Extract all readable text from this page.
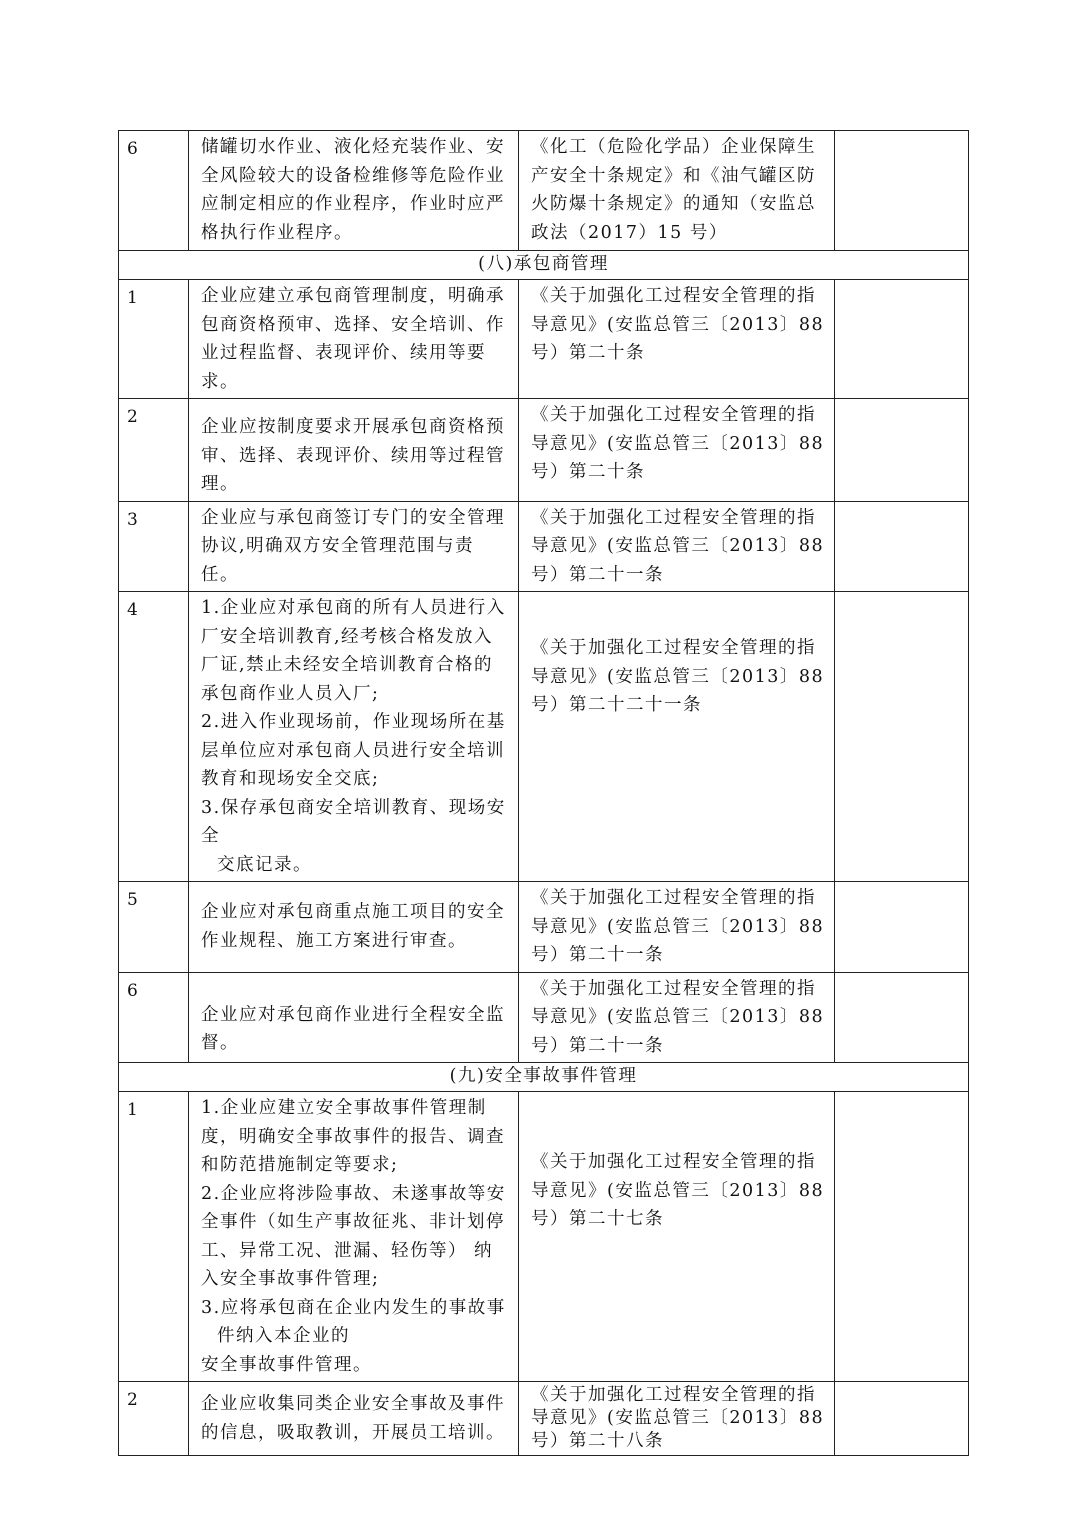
6	储罐切水作业、液化烃充装作业、安全风险较大的设备检维修等危险作业应制定相应的作业程序，作业时应严格执行作业程序。	《化工（危险化学品）企业保障生产安全十条规定》和《油气罐区防火防爆十条规定》的通知（安监总政法（2017）15 号）	
(八)承包商管理			
1	企业应建立承包商管理制度，明确承包商资格预审、选择、安全培训、作业过程监督、表现评价、续用等要求。	《关于加强化工过程安全管理的指导意见》(安监总管三〔2013〕88 号）第二十条	
2	企业应按制度要求开展承包商资格预审、选择、表现评价、续用等过程管理。	《关于加强化工过程安全管理的指导意见》(安监总管三〔2013〕88 号）第二十条	
3	企业应与承包商签订专门的安全管理协议,明确双方安全管理范围与责任。	《关于加强化工过程安全管理的指导意见》(安监总管三〔2013〕88 号）第二十一条	
4	1.企业应对承包商的所有人员进行入厂安全培训教育,经考核合格发放入厂证,禁止未经安全培训教育合格的承包商作业人员入厂;
2.进入作业现场前，作业现场所在基层单位应对承包商人员进行安全培训教育和现场安全交底;
3.保存承包商安全培训教育、现场安全
交底记录。	《关于加强化工过程安全管理的指导意见》(安监总管三〔2013〕88 号）第二十二十一条	
5	企业应对承包商重点施工项目的安全作业规程、施工方案进行审查。	《关于加强化工过程安全管理的指导意见》(安监总管三〔2013〕88 号）第二十一条	
6	企业应对承包商作业进行全程安全监督。	《关于加强化工过程安全管理的指导意见》(安监总管三〔2013〕88 号）第二十一条	
(九)安全事故事件管理			
1	1.企业应建立安全事故事件管理制度，明确安全事故事件的报告、调查和防范措施制定等要求;
2.企业应将涉险事故、未遂事故等安全事件（如生产事故征兆、非计划停工、异常工况、泄漏、轻伤等） 纳入安全事故事件管理;
3.应将承包商在企业内发生的事故事
件纳入本企业的
安全事故事件管理。	《关于加强化工过程安全管理的指导意见》(安监总管三〔2013〕88 号）第二十七条	
2	企业应收集同类企业安全事故及事件的信息，吸取教训，开展员工培训。	《关于加强化工过程安全管理的指导意见》(安监总管三〔2013〕88 号）第二十八条	
